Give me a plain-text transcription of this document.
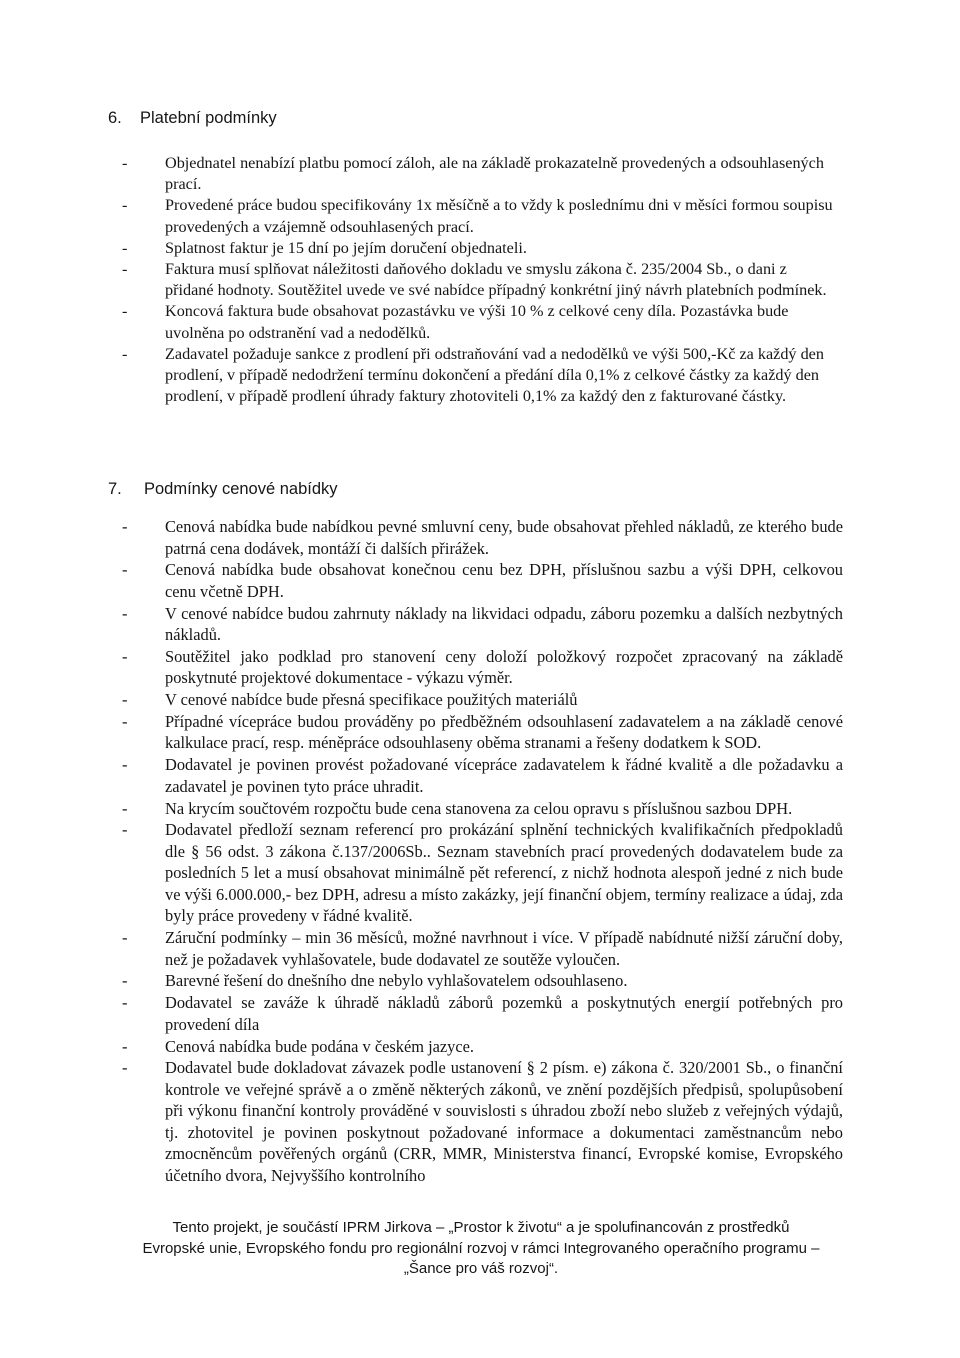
6. Platební podmínky
- Objednatel nenabízí platbu pomocí záloh, ale na základě prokazatelně provedených a odsouhlasených prací.
- Provedené práce budou specifikovány 1x měsíčně a to vždy k poslednímu dni v měsíci formou soupisu provedených a vzájemně odsouhlasených prací.
- Splatnost faktur je 15 dní po jejím doručení objednateli.
- Faktura musí splňovat náležitosti daňového dokladu ve smyslu zákona č. 235/2004 Sb., o dani z přidané hodnoty. Soutěžitel uvede ve své nabídce případný konkrétní jiný návrh platebních podmínek.
- Koncová faktura bude obsahovat pozastávku ve výši 10 % z celkové ceny díla. Pozastávka bude uvolněna po odstranění vad a nedodělků.
- Zadavatel požaduje sankce z prodlení při odstraňování vad a nedodělků ve výši 500,-Kč za každý den prodlení, v případě nedodržení termínu dokončení a předání díla 0,1% z celkové částky za každý den prodlení, v případě prodlení úhrady faktury zhotoviteli 0,1% za každý den z fakturované částky.
7. Podmínky cenové nabídky
- Cenová nabídka bude nabídkou pevné smluvní ceny, bude obsahovat přehled nákladů, ze kterého bude patrná cena dodávek, montáží či dalších přirážek.
- Cenová nabídka bude obsahovat konečnou cenu bez DPH, příslušnou sazbu a výši DPH, celkovou cenu včetně DPH.
- V cenové nabídce budou zahrnuty náklady na likvidaci odpadu, záboru pozemku a dalších nezbytných nákladů.
- Soutěžitel jako podklad pro stanovení ceny doloží položkový rozpočet zpracovaný na základě poskytnuté projektové dokumentace - výkazu výměr.
- V cenové nabídce bude přesná specifikace použitých materiálů
- Případné vícepráce budou prováděny po předběžném odsouhlasení zadavatelem a na základě cenové kalkulace prací, resp. méněpráce odsouhlaseny oběma stranami a řešeny dodatkem k SOD.
- Dodavatel je povinen provést požadované vícepráce zadavatelem k řádné kvalitě a dle požadavku a zadavatel je povinen tyto práce uhradit.
- Na krycím součtovém rozpočtu bude cena stanovena za celou opravu s příslušnou sazbou DPH.
- Dodavatel předloží seznam referencí pro prokázání splnění technických kvalifikačních předpokladů dle § 56 odst. 3 zákona č.137/2006Sb.. Seznam stavebních prací provedených dodavatelem bude za posledních 5 let a musí obsahovat minimálně pět referencí, z nichž hodnota alespoň jedné z nich bude ve výši 6.000.000,- bez DPH, adresu a místo zakázky, její finanční objem, termíny realizace a údaj, zda byly práce provedeny v řádné kvalitě.
- Záruční podmínky – min 36 měsíců, možné navrhnout i více. V případě nabídnuté nižší záruční doby, než je požadavek vyhlašovatele, bude dodavatel ze soutěže vyloučen.
- Barevné řešení do dnešního dne nebylo vyhlašovatelem odsouhlaseno.
- Dodavatel se zaváže k úhradě nákladů záborů pozemků a poskytnutých energií potřebných pro provedení díla
- Cenová nabídka bude podána v českém jazyce.
- Dodavatel bude dokladovat závazek podle ustanovení § 2 písm. e) zákona č. 320/2001 Sb., o finanční kontrole ve veřejné správě a o změně některých zákonů, ve znění pozdějších předpisů, spolupůsobení při výkonu finanční kontroly prováděné v souvislosti s úhradou zboží nebo služeb z veřejných výdajů, tj. zhotovitel je povinen poskytnout požadované informace a dokumentaci zaměstnancům nebo zmocněncům pověřených orgánů (CRR, MMR, Ministerstva financí, Evropské komise, Evropského účetního dvora, Nejvyššího kontrolního
Tento projekt, je součástí IPRM Jirkova – „Prostor k životu“ a je spolufinancován z prostředků
Evropské unie, Evropského fondu pro regionální rozvoj v rámci Integrovaného operačního programu –
„Šance pro váš rozvoj“.
